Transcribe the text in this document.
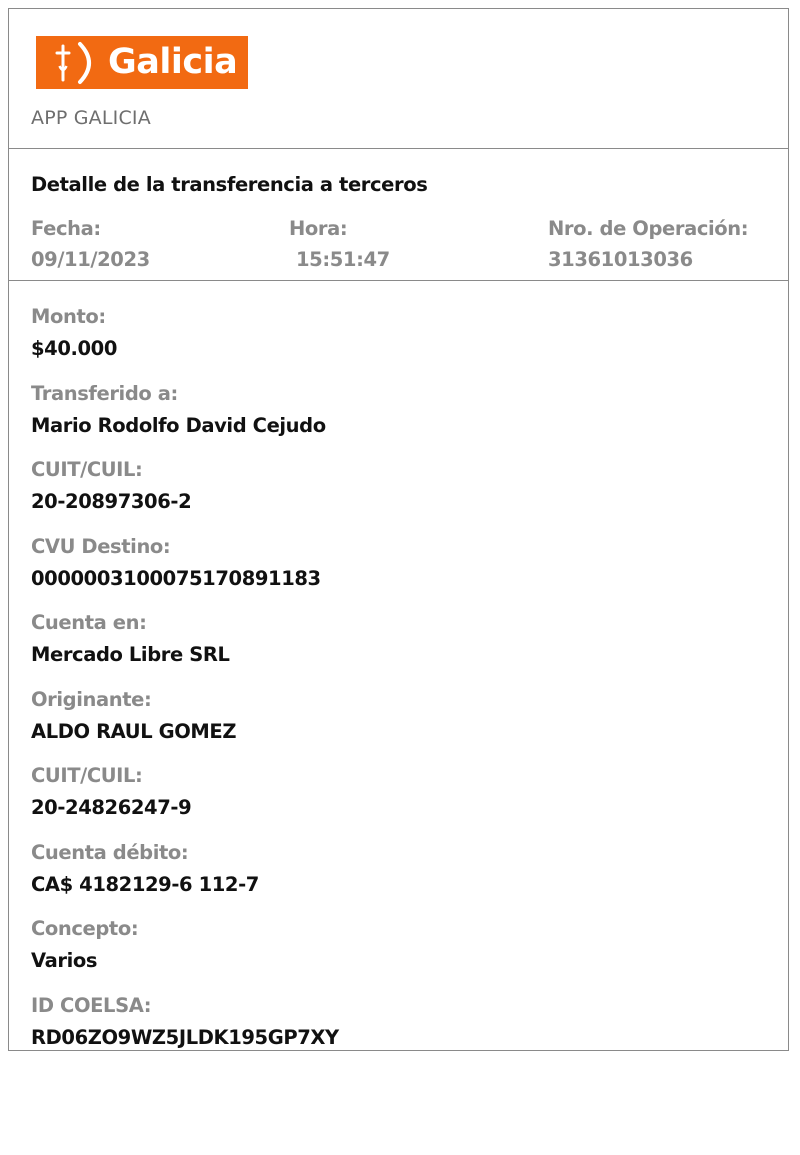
Galicia
APP GALICIA
Detalle de la transferencia a terceros
Fecha:
09/11/2023
Hora:
15:51:47
Nro. de Operación:
31361013036
Monto:
$40.000
Transferido a:
Mario Rodolfo David Cejudo
CUIT/CUIL:
20-20897306-2
CVU Destino:
0000003100075170891183
Cuenta en:
Mercado Libre SRL
Originante:
ALDO RAUL GOMEZ
CUIT/CUIL:
20-24826247-9
Cuenta débito:
CA$ 4182129-6 112-7
Concepto:
Varios
ID COELSA:
RD06ZO9WZ5JLDK195GP7XY
